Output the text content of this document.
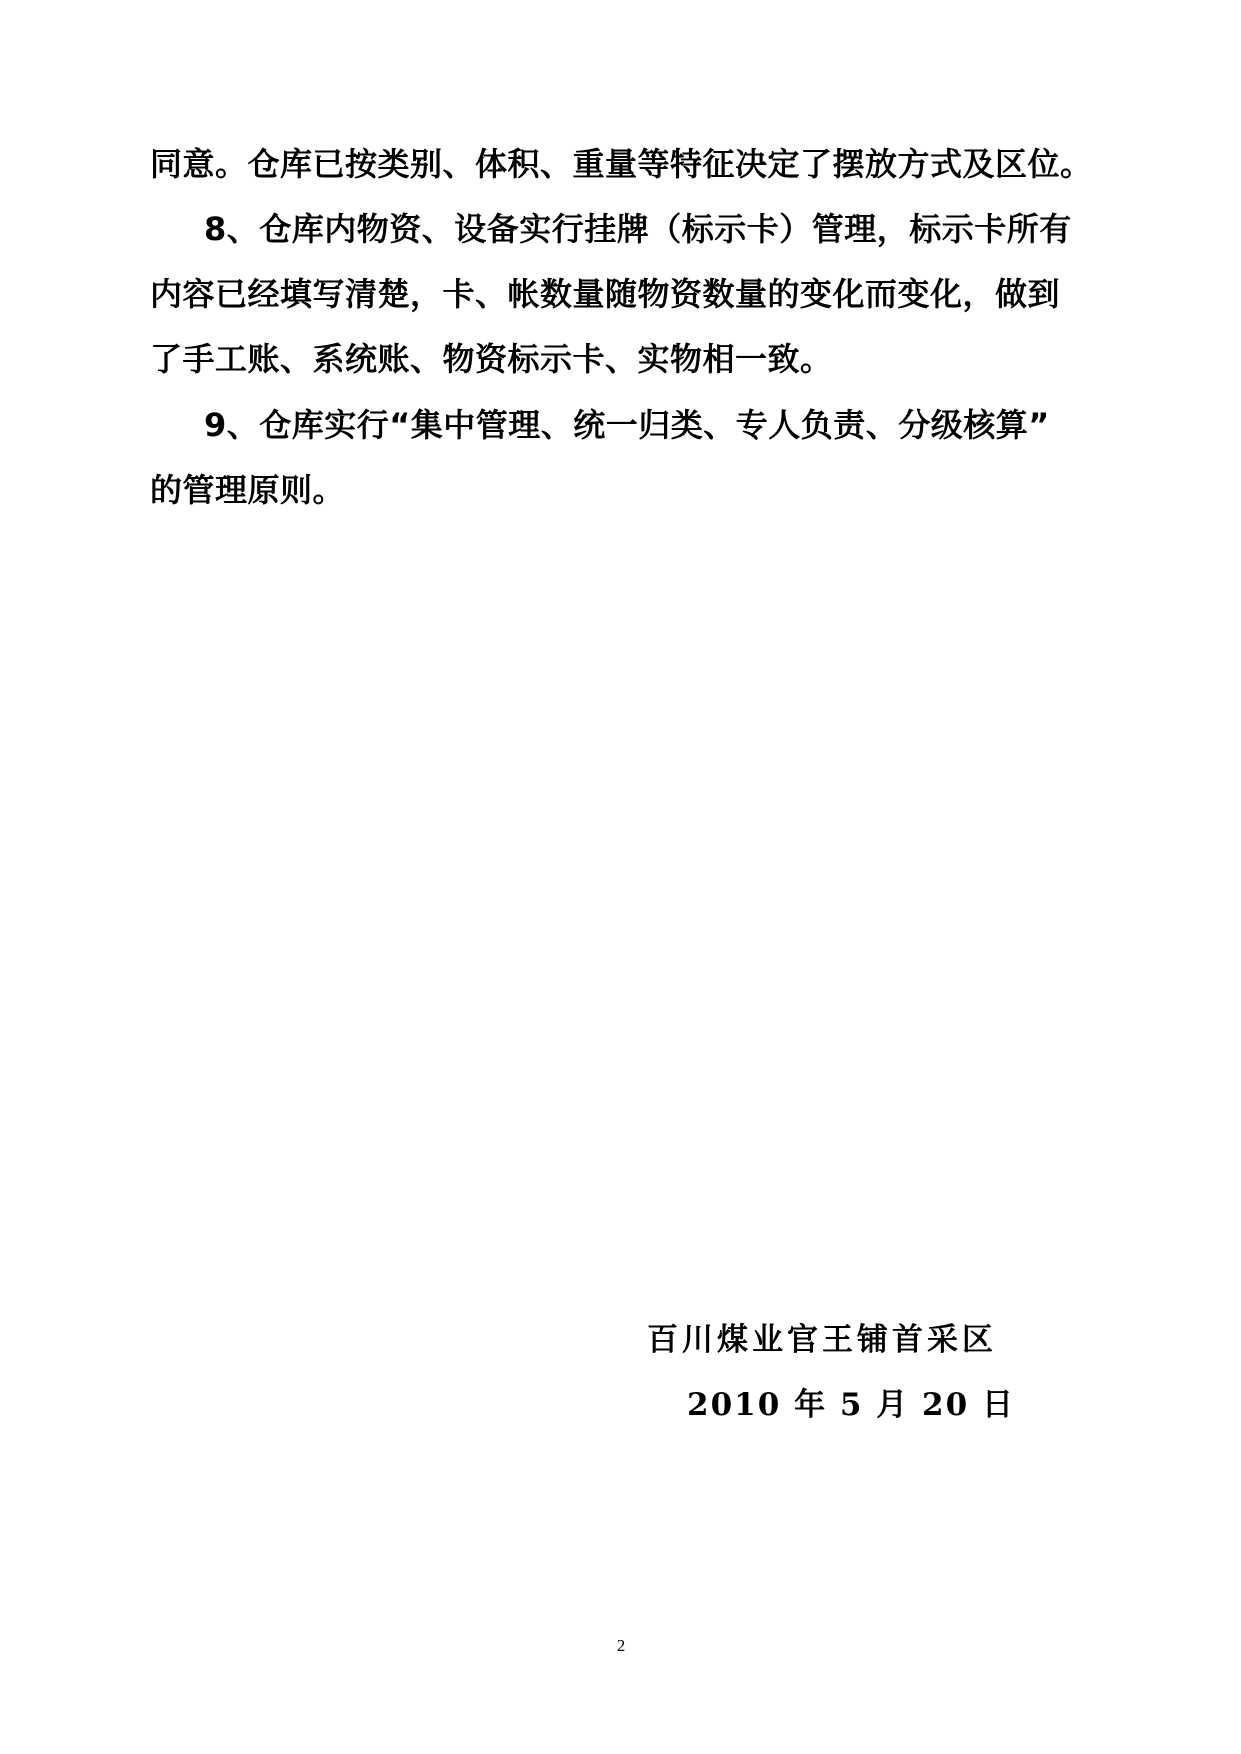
同意。仓库已按类别、体积、重量等特征决定了摆放方式及区位。
8、仓库内物资、设备实行挂牌（标示卡）管理，标示卡所有
内容已经填写清楚，卡、帐数量随物资数量的变化而变化，做到
了手工账、系统账、物资标示卡、实物相一致。
9、仓库实行“集中管理、统一归类、专人负责、分级核算”
的管理原则。
百川煤业官王铺首采区
2010 年 5 月 20 日
2
